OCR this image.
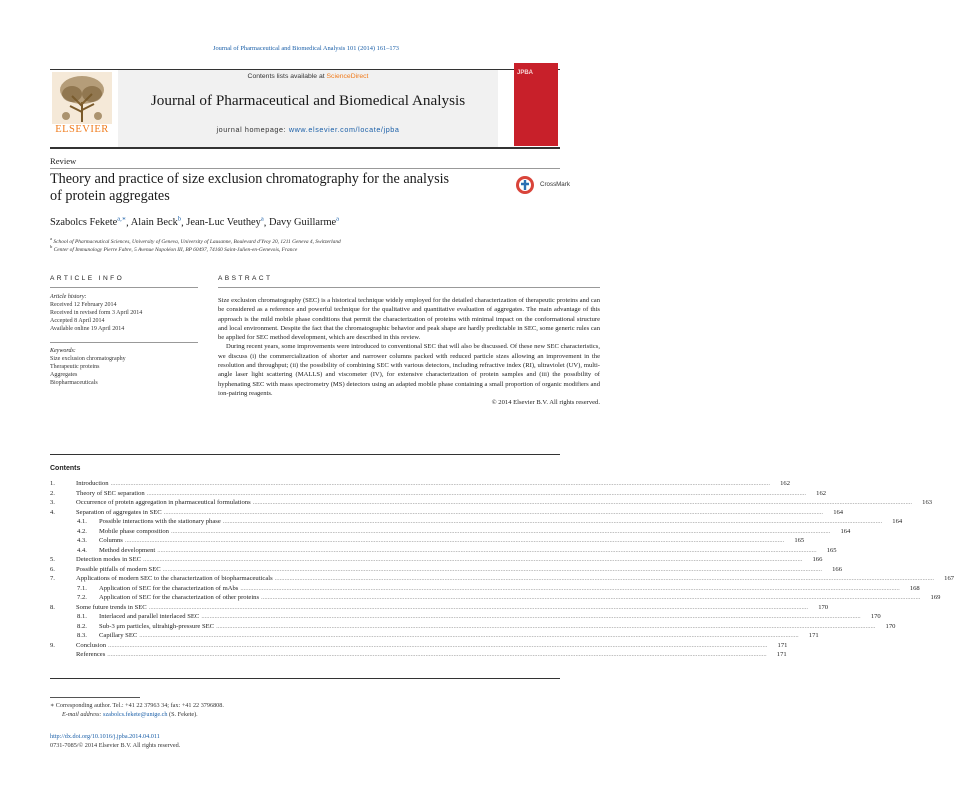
Journal of Pharmaceutical and Biomedical Analysis 101 (2014) 161–173
ELSEVIER
Contents lists available at ScienceDirect
Journal of Pharmaceutical and Biomedical Analysis
journal homepage: www.elsevier.com/locate/jpba
JPBA
Review
Theory and practice of size exclusion chromatography for the analysis
of protein aggregates
CrossMark
Szabolcs Fekete$^{a,∗}$, Alain Beck$^b$, Jean-Luc Veuthey$^a$, Davy Guillarme$^a$
$^a$ School of Pharmaceutical Sciences, University of Geneva, University of Lausanne, Boulevard d'Yvoy 20, 1211 Geneva 4, Switzerland
$^b$ Center of Immunology Pierre Fabre, 5 Avenue Napoléon III, BP 60497, 74160 Saint-Julien-en-Genevois, France
ARTICLE INFO	ABSTRACT
Article history:
Received 12 February 2014
Received in revised form 3 April 2014
Accepted 8 April 2014
Available online 19 April 2014
Keywords:
Size exclusion chromatography
Therapeutic proteins
Aggregates
Biopharmaceuticals

Size exclusion chromatography (SEC) is a historical technique widely employed for the detailed characterization of therapeutic proteins and can be considered as a reference and powerful technique for the qualitative and quantitative evaluation of aggregates. The main advantage of this approach is the mild mobile phase conditions that permit the characterization of proteins with minimal impact on the conformational structure and local environment. Despite the fact that the chromatographic behavior and peak shape are hardly predictable in SEC, some generic rules can be applied for SEC method development, which are described in this review.

During recent years, some improvements were introduced to conventional SEC that will also be discussed. Of these new SEC characteristics, we discuss (i) the commercialization of shorter and narrower columns packed with reduced particle sizes allowing an improvement in the resolution and throughput; (ii) the possibility of combining SEC with various detectors, including refractive index (RI), ultraviolet (UV), multi-angle laser light scattering (MALLS) and viscometer (IV), for extensive characterization of protein samples and (iii) the possibility of hyphenating SEC with mass spectrometry (MS) detectors using an adapted mobile phase containing a small proportion of organic modifiers and ion-pairing reagents.

© 2014 Elsevier B.V. All rights reserved.

Contents
1.	Introduction ................................................................................................................................................................................................................................................................................................................................................................................................................	162
2.	Theory of SEC separation ................................................................................................................................................................................................................................................................................................................................................................................................................	162
3.	Occurrence of protein aggregation in pharmaceutical formulations ................................................................................................................................................................................................................................................................................................................................................................................................................	163
4.	Separation of aggregates in SEC ................................................................................................................................................................................................................................................................................................................................................................................................................	164
4.1.	Possible interactions with the stationary phase ................................................................................................................................................................................................................................................................................................................................................................................................................	164
4.2.	Mobile phase composition ................................................................................................................................................................................................................................................................................................................................................................................................................	164
4.3.	Columns ................................................................................................................................................................................................................................................................................................................................................................................................................	165
4.4.	Method development ................................................................................................................................................................................................................................................................................................................................................................................................................	165
5.	Detection modes in SEC ................................................................................................................................................................................................................................................................................................................................................................................................................	166
6.	Possible pitfalls of modern SEC ................................................................................................................................................................................................................................................................................................................................................................................................................	166
7.	Applications of modern SEC to the characterization of biopharmaceuticals ................................................................................................................................................................................................................................................................................................................................................................................................................	167
7.1.	Application of SEC for the characterization of mAbs ................................................................................................................................................................................................................................................................................................................................................................................................................	168
7.2.	Application of SEC for the characterization of other proteins ................................................................................................................................................................................................................................................................................................................................................................................................................	169
8.	Some future trends in SEC ................................................................................................................................................................................................................................................................................................................................................................................................................	170
8.1.	Interlaced and parallel interlaced SEC ................................................................................................................................................................................................................................................................................................................................................................................................................	170
8.2.	Sub-3 μm particles, ultrahigh-pressure SEC ................................................................................................................................................................................................................................................................................................................................................................................................................	170
8.3.	Capillary SEC ................................................................................................................................................................................................................................................................................................................................................................................................................	171
9.	Conclusion ................................................................................................................................................................................................................................................................................................................................................................................................................	171
References ................................................................................................................................................................................................................................................................................................................................................................................................................	171
∗ Corresponding author. Tel.: +41 22 37963 34; fax: +41 22 3796808.
E-mail address: szabolcs.fekete@unige.ch (S. Fekete).
http://dx.doi.org/10.1016/j.jpba.2014.04.011
0731-7085/© 2014 Elsevier B.V. All rights reserved.
